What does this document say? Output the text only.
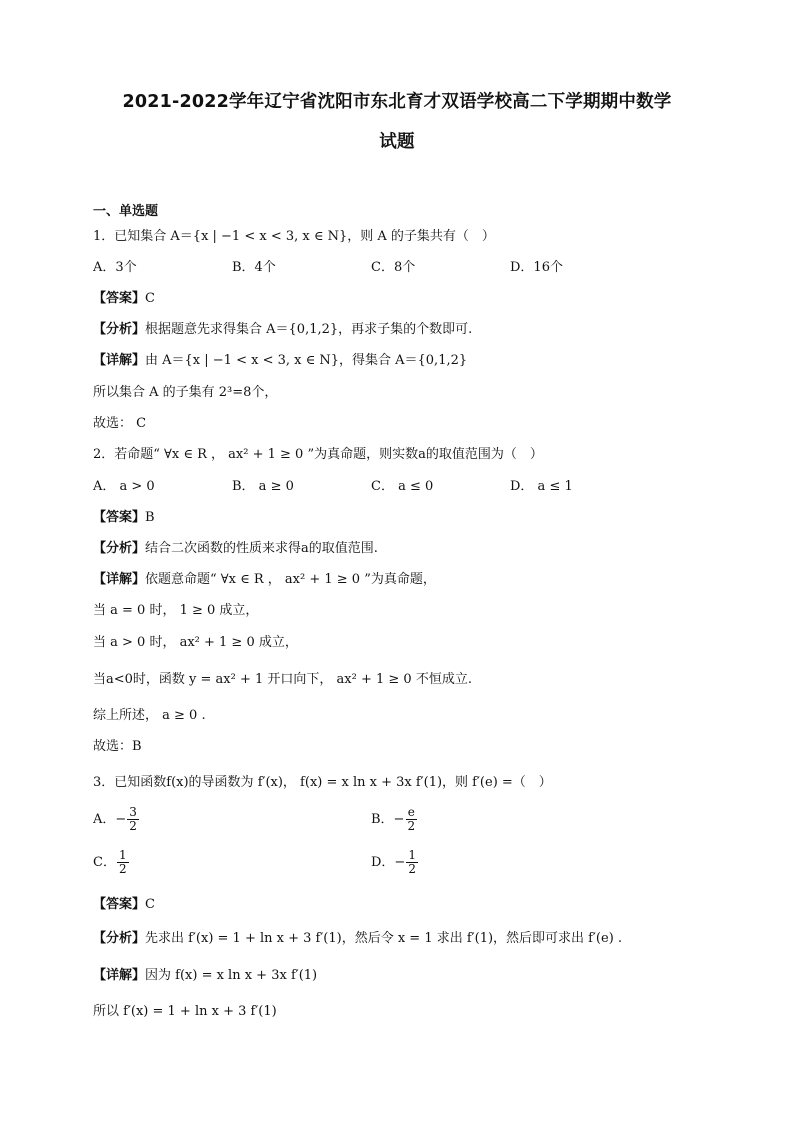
2021-2022学年辽宁省沈阳市东北育才双语学校高二下学期期中数学
试题
一、单选题
1．已知集合 A＝{x | −1 < x < 3, x ∈ N}，则 A 的子集共有（　）
A．3个	B．4个	C．8个	D．16个
【答案】C
【分析】根据题意先求得集合 A＝{0,1,2}，再求子集的个数即可.
【详解】由 A＝{x | −1 < x < 3, x ∈ N}，得集合 A＝{0,1,2}
所以集合 A 的子集有 2³=8个，
故选： C
2．若命题“ ∀x ∈ R ， ax² + 1 ≥ 0 ”为真命题，则实数a的取值范围为（　）
A． a > 0	B． a ≥ 0	C． a ≤ 0	D． a ≤ 1
【答案】B
【分析】结合二次函数的性质来求得a的取值范围.
【详解】依题意命题“ ∀x ∈ R ， ax² + 1 ≥ 0 ”为真命题，
当 a = 0 时， 1 ≥ 0 成立，
当 a > 0 时， ax² + 1 ≥ 0 成立，
当a<0时，函数 y = ax² + 1 开口向下， ax² + 1 ≥ 0 不恒成立.
综上所述， a ≥ 0 .
故选：B
3．已知函数f(x)的导函数为 f′(x)， f(x) = x ln x + 3x f′(1)，则 f′(e) =（　）
A．− $\frac{3}{2}$	B．− $\frac{e}{2}$
C． $\frac{1}{2}$	D．− $\frac{1}{2}$
【答案】C
【分析】先求出 f′(x) = 1 + ln x + 3 f′(1)，然后令 x = 1 求出 f′(1)，然后即可求出 f′(e) .
【详解】因为 f(x) = x ln x + 3x f′(1)
所以 f′(x) = 1 + ln x + 3 f′(1)
